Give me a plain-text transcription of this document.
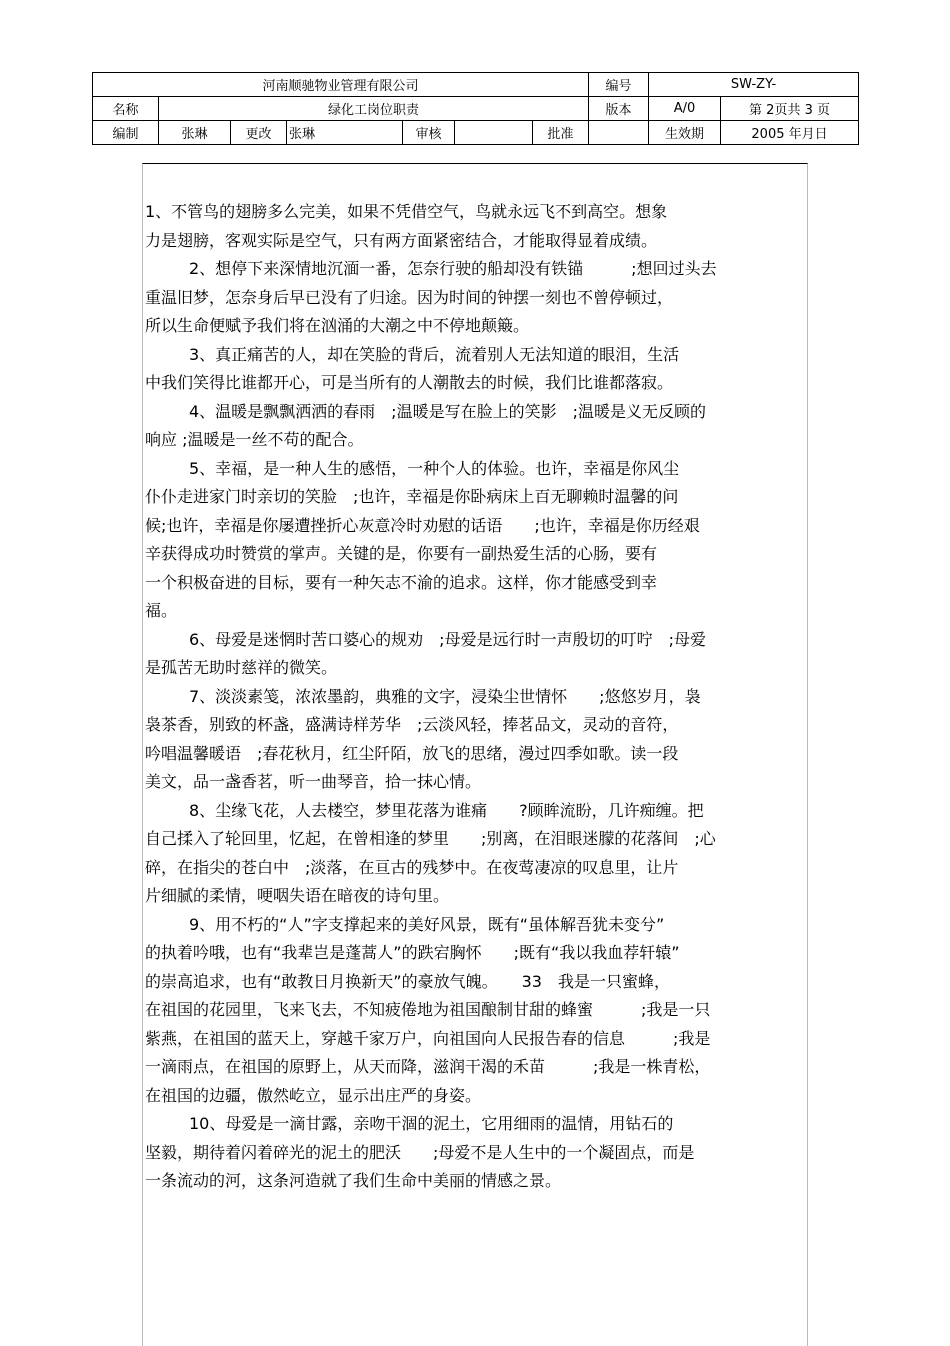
河南顺驰物业管理有限公司							编号	SW-ZY-	
名称	绿化工岗位职责						版本	A/0	第 2页共 3 页
编制	张琳	更改	张琳	审核		批准		生效期	2005 年月日
1、不管鸟的翅膀多么完美，如果不凭借空气，鸟就永远飞不到高空。想象
力是翅膀，客观实际是空气，只有两方面紧密结合，才能取得显着成绩。
2、想停下来深情地沉湎一番，怎奈行驶的船却没有铁锚　　　;想回过头去
重温旧梦，怎奈身后早已没有了归途。因为时间的钟摆一刻也不曾停顿过，
所以生命便赋予我们将在汹涌的大潮之中不停地颠簸。
3、真正痛苦的人，却在笑脸的背后，流着别人无法知道的眼泪，生活
中我们笑得比谁都开心，可是当所有的人潮散去的时候，我们比谁都落寂。
4、温暖是飘飘洒洒的春雨　;温暖是写在脸上的笑影　;温暖是义无反顾的
响应 ;温暖是一丝不苟的配合。
5、幸福，是一种人生的感悟，一种个人的体验。也许，幸福是你风尘
仆仆走进家门时亲切的笑脸　;也许，幸福是你卧病床上百无聊赖时温馨的问
候;也许，幸福是你屡遭挫折心灰意冷时劝慰的话语　　;也许，幸福是你历经艰
辛获得成功时赞赏的掌声。关键的是，你要有一副热爱生活的心肠，要有
一个积极奋进的目标，要有一种矢志不渝的追求。这样，你才能感受到幸
福。
6、母爱是迷惘时苦口婆心的规劝　;母爱是远行时一声殷切的叮咛　;母爱
是孤苦无助时慈祥的微笑。
7、淡淡素笺，浓浓墨韵，典雅的文字，浸染尘世情怀　　;悠悠岁月，袅
袅茶香，别致的杯盏，盛满诗样芳华　;云淡风轻，捧茗品文，灵动的音符，
吟唱温馨暖语　;春花秋月，红尘阡陌，放飞的思绪，漫过四季如歌。读一段
美文，品一盏香茗，听一曲琴音，拾一抹心情。
8、尘缘飞花，人去楼空，梦里花落为谁痛　　?顾眸流盼，几许痴缠。把
自己揉入了轮回里，忆起，在曾相逢的梦里　　;别离，在泪眼迷朦的花落间　;心
碎，在指尖的苍白中　;淡落，在亘古的残梦中。在夜莺凄凉的叹息里，让片
片细腻的柔情，哽咽失语在暗夜的诗句里。
9、用不朽的“人”字支撑起来的美好风景，既有“虽体解吾犹未变兮”
的执着吟哦，也有“我辈岂是蓬蒿人”的跌宕胸怀　　;既有“我以我血荐轩辕”
的崇高追求，也有“敢教日月换新天”的豪放气魄。　　33　我是一只蜜蜂，
在祖国的花园里，飞来飞去，不知疲倦地为祖国酿制甘甜的蜂蜜　　　;我是一只
紫燕，在祖国的蓝天上，穿越千家万户，向祖国向人民报告春的信息　　　;我是
一滴雨点，在祖国的原野上，从天而降，滋润干渴的禾苗　　　;我是一株青松，
在祖国的边疆，傲然屹立，显示出庄严的身姿。
10、母爱是一滴甘露，亲吻干涸的泥土，它用细雨的温情，用钻石的
坚毅，期待着闪着碎光的泥土的肥沃　　;母爱不是人生中的一个凝固点，而是
一条流动的河，这条河造就了我们生命中美丽的情感之景。
